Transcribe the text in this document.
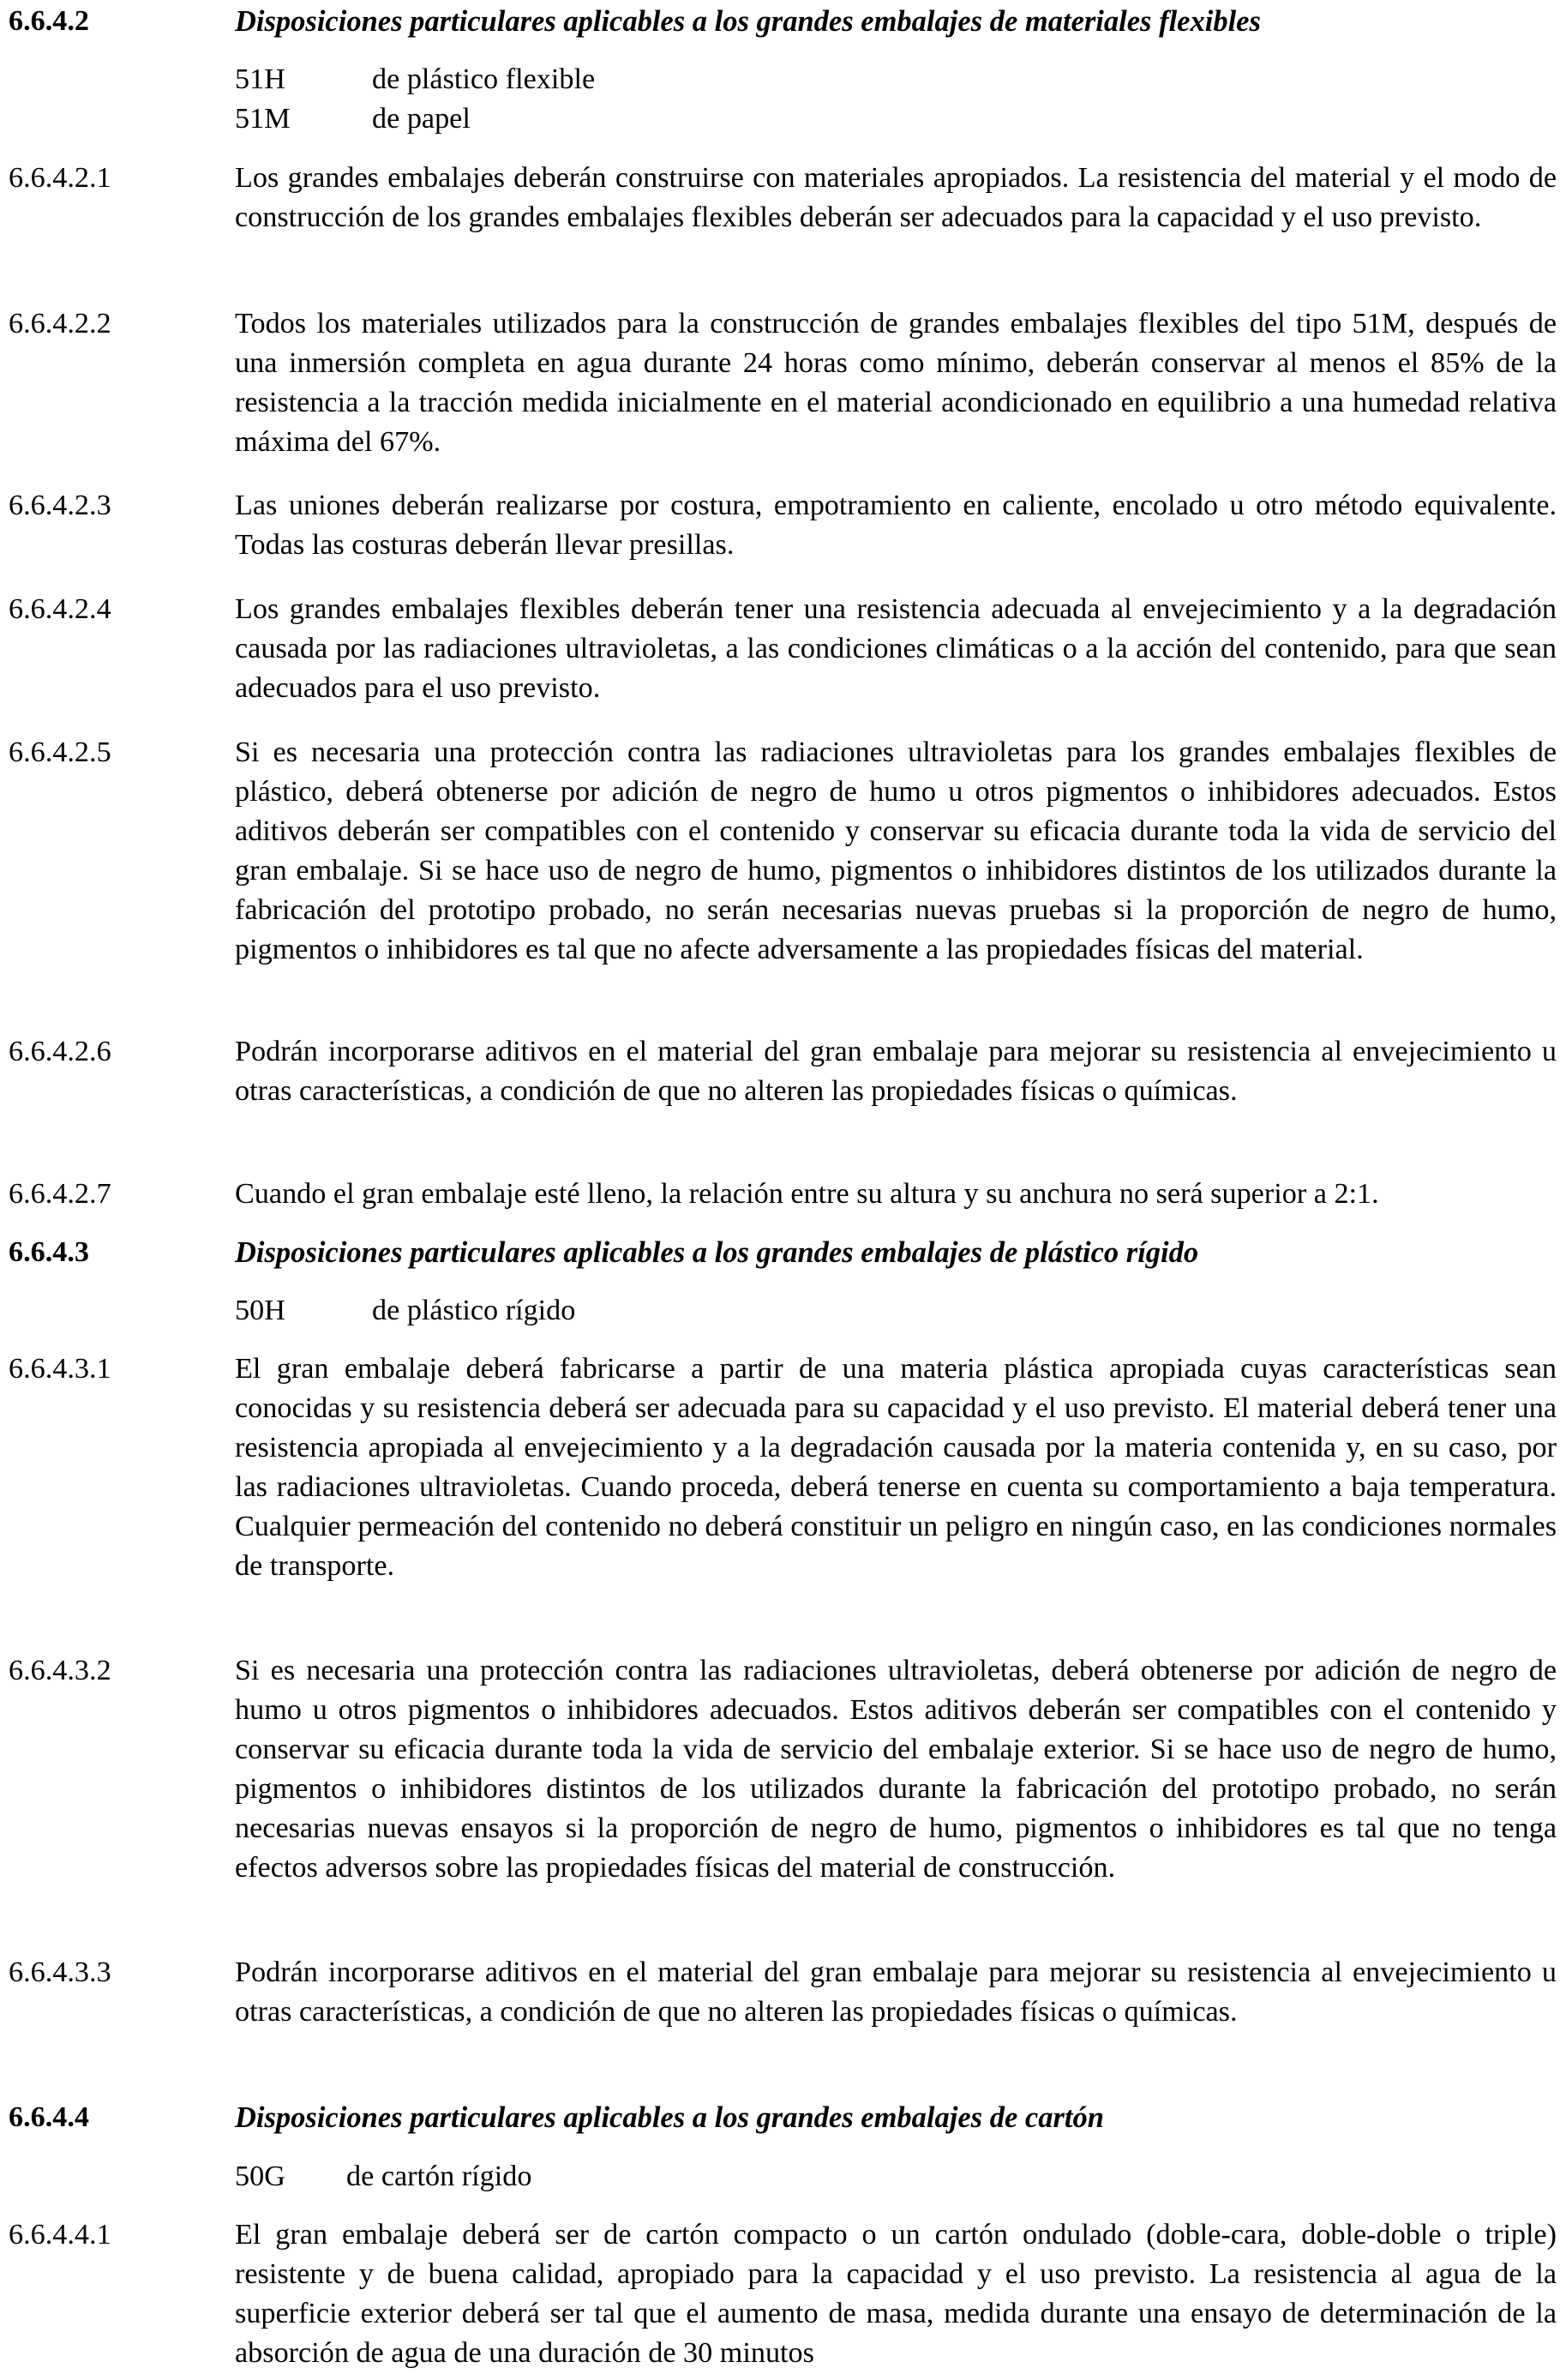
6.6.4.2	Disposiciones particulares aplicables a los grandes embalajes de materiales flexibles
51H	de plástico flexible
51M	de papel
6.6.4.2.1	Los grandes embalajes deberán construirse con materiales apropiados. La resistencia del material y el modo de construcción de los grandes embalajes flexibles deberán ser adecuados para la capacidad y el uso previsto.
6.6.4.2.2	Todos los materiales utilizados para la construcción de grandes embalajes flexibles del tipo 51M, después de una inmersión completa en agua durante 24 horas como mínimo, deberán conservar al menos el 85% de la resistencia a la tracción medida inicialmente en el material acondicionado en equilibrio a una humedad relativa máxima del 67%.
6.6.4.2.3	Las uniones deberán realizarse por costura, empotramiento en caliente, encolado u otro método equivalente. Todas las costuras deberán llevar presillas.
6.6.4.2.4	Los grandes embalajes flexibles deberán tener una resistencia adecuada al envejecimiento y a la degradación causada por las radiaciones ultravioletas, a las condiciones climáticas o a la acción del contenido, para que sean adecuados para el uso previsto.
6.6.4.2.5	Si es necesaria una protección contra las radiaciones ultravioletas para los grandes embalajes flexibles de plástico, deberá obtenerse por adición de negro de humo u otros pigmentos o inhibidores adecuados. Estos aditivos deberán ser compatibles con el contenido y conservar su eficacia durante toda la vida de servicio del gran embalaje. Si se hace uso de negro de humo, pigmentos o inhibidores distintos de los utilizados durante la fabricación del prototipo probado, no serán necesarias nuevas pruebas si la proporción de negro de humo, pigmentos o inhibidores es tal que no afecte adversamente a las propiedades físicas del material.
6.6.4.2.6	Podrán incorporarse aditivos en el material del gran embalaje para mejorar su resistencia al envejecimiento u otras características, a condición de que no alteren las propiedades físicas o químicas.
6.6.4.2.7	Cuando el gran embalaje esté lleno, la relación entre su altura y su anchura no será superior a 2:1.
6.6.4.3	Disposiciones particulares aplicables a los grandes embalajes de plástico rígido
50H	de plástico rígido
6.6.4.3.1	El gran embalaje deberá fabricarse a partir de una materia plástica apropiada cuyas características sean conocidas y su resistencia deberá ser adecuada para su capacidad y el uso previsto. El material deberá tener una resistencia apropiada al envejecimiento y a la degradación causada por la materia contenida y, en su caso, por las radiaciones ultravioletas. Cuando proceda, deberá tenerse en cuenta su comportamiento a baja temperatura. Cualquier permeación del contenido no deberá constituir un peligro en ningún caso, en las condiciones normales de transporte.
6.6.4.3.2	Si es necesaria una protección contra las radiaciones ultravioletas, deberá obtenerse por adición de negro de humo u otros pigmentos o inhibidores adecuados. Estos aditivos deberán ser compatibles con el contenido y conservar su eficacia durante toda la vida de servicio del embalaje exterior. Si se hace uso de negro de humo, pigmentos o inhibidores distintos de los utilizados durante la fabricación del prototipo probado, no serán necesarias nuevas ensayos si la proporción de negro de humo, pigmentos o inhibidores es tal que no tenga efectos adversos sobre las propiedades físicas del material de construcción.
6.6.4.3.3	Podrán incorporarse aditivos en el material del gran embalaje para mejorar su resistencia al envejecimiento u otras características, a condición de que no alteren las propiedades físicas o químicas.
6.6.4.4	Disposiciones particulares aplicables a los grandes embalajes de cartón
50G	de cartón rígido
6.6.4.4.1	El gran embalaje deberá ser de cartón compacto o un cartón ondulado (doble-cara, doble-doble o triple) resistente y de buena calidad, apropiado para la capacidad y el uso previsto. La resistencia al agua de la superficie exterior deberá ser tal que el aumento de masa, medida durante una ensayo de determinación de la absorción de agua de una duración de 30 minutos
